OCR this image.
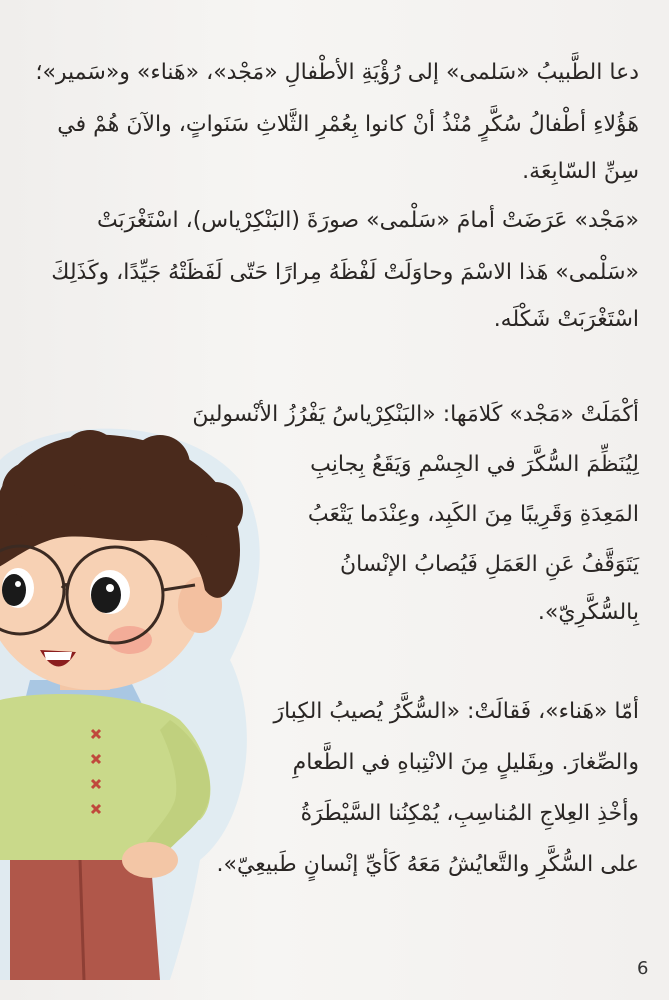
دعا الطَّبيبُ «سَلمى» إلى رُؤْيَةِ الأطْفالِ «مَجْد»، «هَناء» و«سَمير»؛
هَؤُلاءِ أطْفالُ سُكَّرٍ مُنْذُ أنْ كانوا بِعُمْرِ الثَّلاثِ سَنَواتٍ، والآنَ هُمْ في
سِنِّ السّابِعَة.
«مَجْد» عَرَضَتْ أمامَ «سَلْمى» صورَةَ (البَنْكِرْياس)، اسْتَغْرَبَتْ
«سَلْمى» هَذا الاسْمَ وحاوَلَتْ لَفْظَهُ مِرارًا حَتّى لَفَظَتْهُ جَيِّدًا، وكَذَلِكَ
اسْتَغْرَبَتْ شَكْلَه.
أكْمَلَتْ «مَجْد» كَلامَها: «البَنْكِرْياسُ يَفْرُزُ الأنْسولينَ
لِيُنَظِّمَ السُّكَّرَ في الجِسْمِ وَيَقَعُ بِجانِبِ
المَعِدَةِ وَقَرِيبًا مِنَ الكَبِد، وعِنْدَما يَتْعَبُ
يَتَوَقَّفُ عَنِ العَمَلِ فَيُصابُ الإنْسانُ
بِالسُّكَّرِيّ».
أمّا «هَناء»، فَقالَتْ: «السُّكَّرُ يُصيبُ الكِبارَ
والصِّغارَ. وبِقَليلٍ مِنَ الانْتِباهِ في الطَّعامِ
وأخْذِ العِلاجِ المُناسِبِ، يُمْكِنُنا السَّيْطَرَةُ
على السُّكَّرِ والتَّعايُشُ مَعَهُ كَأيِّ إنْسانٍ طَبيعِيّ».
6
